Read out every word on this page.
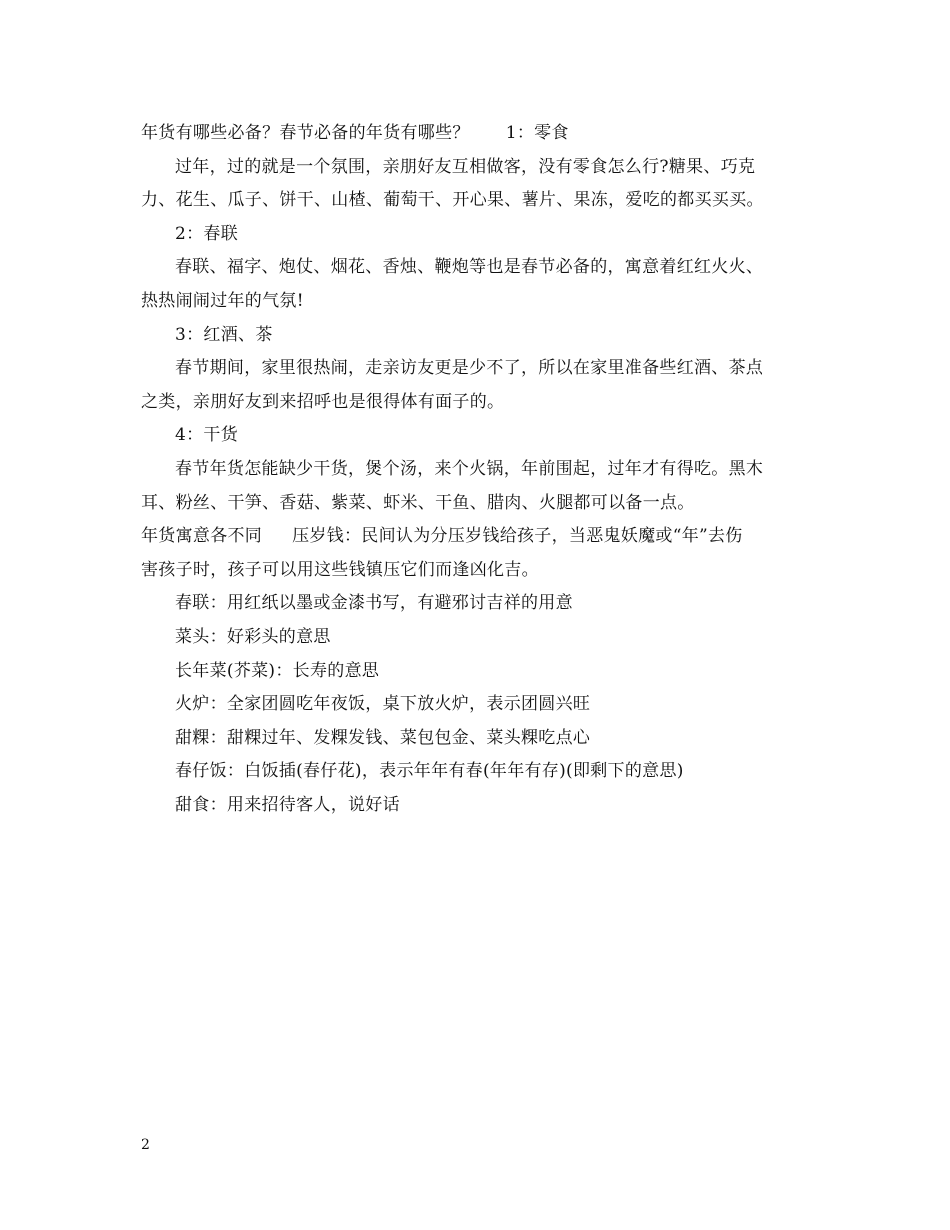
年货有哪些必备？春节必备的年货有哪些？ 1：零食
过年，过的就是一个氛围，亲朋好友互相做客，没有零食怎么行?糖果、巧克
力、花生、瓜子、饼干、山楂、葡萄干、开心果、薯片、果冻，爱吃的都买买买。
2：春联
春联、福字、炮仗、烟花、香烛、鞭炮等也是春节必备的，寓意着红红火火、
热热闹闹过年的气氛!
3：红酒、茶
春节期间，家里很热闹，走亲访友更是少不了，所以在家里准备些红酒、茶点
之类，亲朋好友到来招呼也是很得体有面子的。
4：干货
春节年货怎能缺少干货，煲个汤，来个火锅，年前围起，过年才有得吃。黑木
耳、粉丝、干笋、香菇、紫菜、虾米、干鱼、腊肉、火腿都可以备一点。
年货寓意各不同 压岁钱：民间认为分压岁钱给孩子，当恶鬼妖魔或“年”去伤
害孩子时，孩子可以用这些钱镇压它们而逢凶化吉。
春联：用红纸以墨或金漆书写，有避邪讨吉祥的用意
菜头：好彩头的意思
长年菜(芥菜)：长寿的意思
火炉：全家团圆吃年夜饭，桌下放火炉，表示团圆兴旺
甜粿：甜粿过年、发粿发钱、菜包包金、菜头粿吃点心
春仔饭：白饭插(春仔花)，表示年年有春(年年有存)(即剩下的意思)
甜食：用来招待客人，说好话
2
